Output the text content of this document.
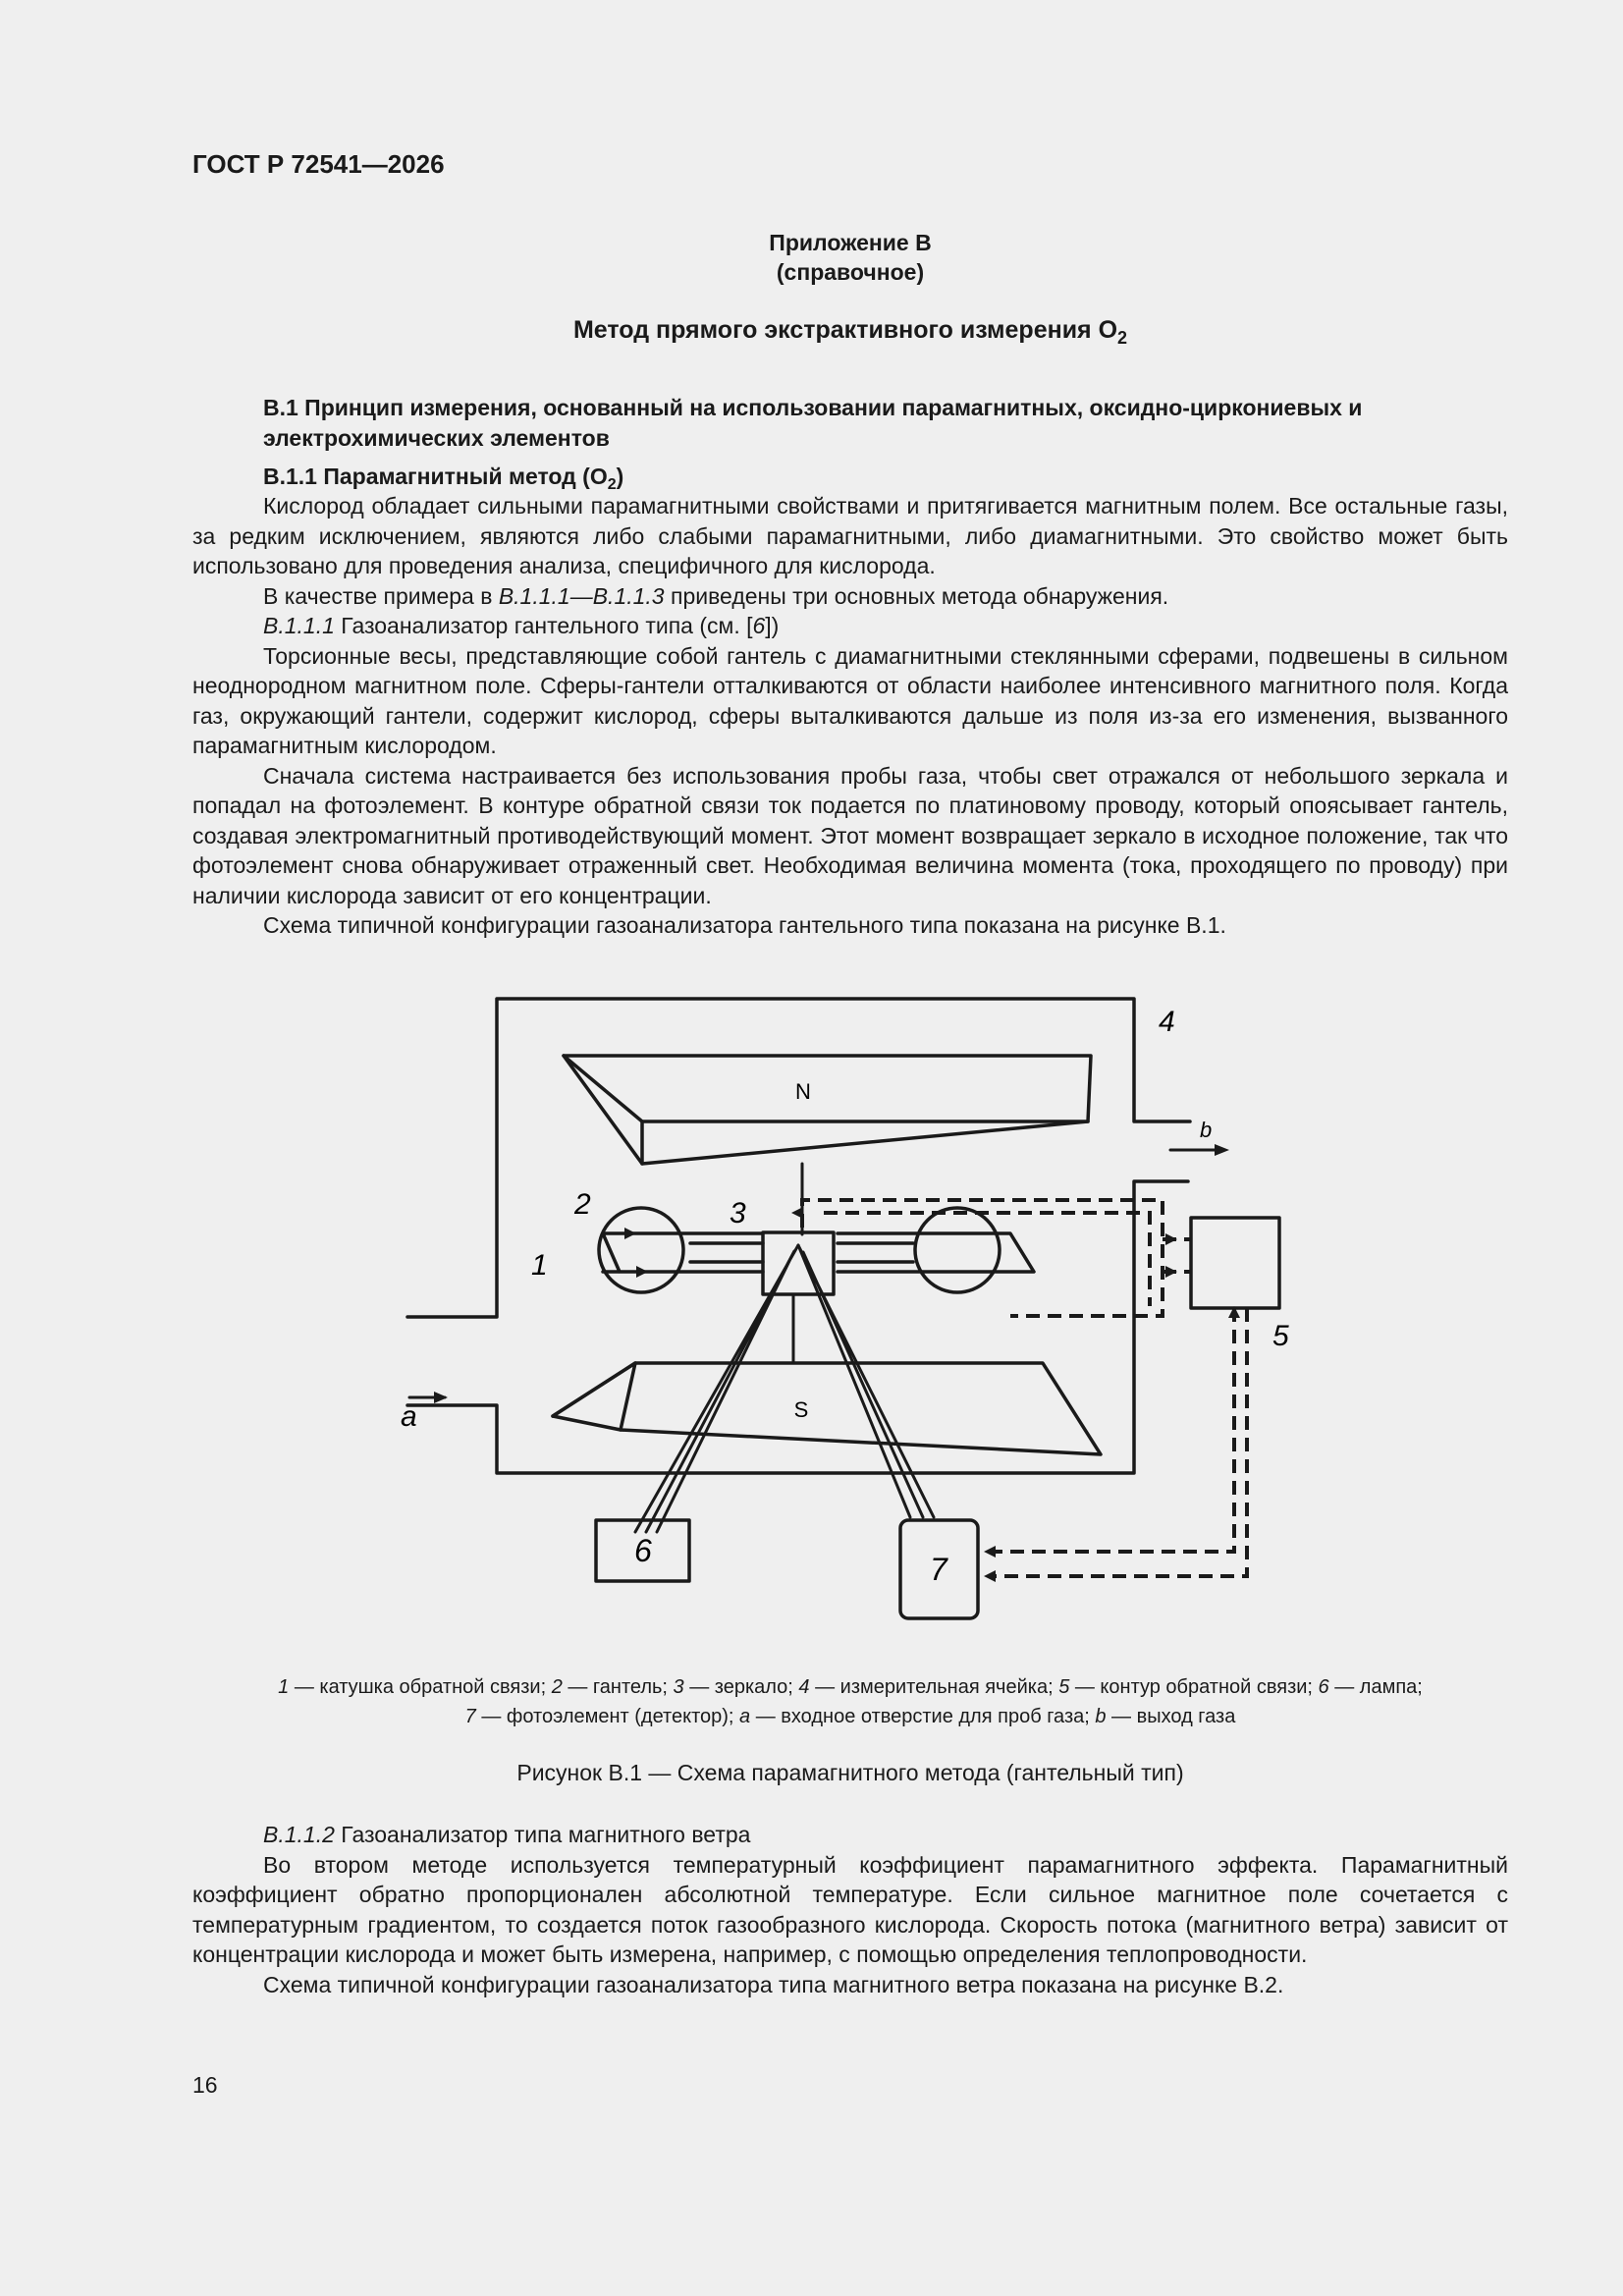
ГОСТ Р 72541—2026
Приложение В
(справочное)
Метод прямого экстрактивного измерения $O_2$
В.1 Принцип измерения, основанный на использовании парамагнитных, оксидно-циркониевых и электрохимических элементов
В.1.1 Парамагнитный метод $(O_2)$

Кислород обладает сильными парамагнитными свойствами и притягивается магнитным полем. Все остальные газы, за редким исключением, являются либо слабыми парамагнитными, либо диамагнитными. Это свойство может быть использовано для проведения анализа, специфичного для кислорода.

В качестве примера в В.1.1.1—В.1.1.3 приведены три основных метода обнаружения.

В.1.1.1 Газоанализатор гантельного типа (см. [6])

Торсионные весы, представляющие собой гантель с диамагнитными стеклянными сферами, подвешены в сильном неоднородном магнитном поле. Сферы-гантели отталкиваются от области наиболее интенсивного магнитного поля. Когда газ, окружающий гантели, содержит кислород, сферы выталкиваются дальше из поля из-за его изменения, вызванного парамагнитным кислородом.

Сначала система настраивается без использования пробы газа, чтобы свет отражался от небольшого зеркала и попадал на фотоэлемент. В контуре обратной связи ток подается по платиновому проводу, который опоясывает гантель, создавая электромагнитный противодействующий момент. Этот момент возвращает зеркало в исходное положение, так что фотоэлемент снова обнаруживает отраженный свет. Необходимая величина момента (тока, проходящего по проводу) при наличии кислорода зависит от его концентрации.

Схема типичной конфигурации газоанализатора гантельного типа показана на рисунке В.1.

N
S
1
2	3
4
5
6
7
a
b
1 — катушка обратной связи; 2 — гантель; 3 — зеркало; 4 — измерительная ячейка; 5 — контур обратной связи; 6 — лампа;
7 — фотоэлемент (детектор); a — входное отверстие для проб газа; b — выход газа
Рисунок В.1 — Схема парамагнитного метода (гантельный тип)

В.1.1.2 Газоанализатор типа магнитного ветра

Во втором методе используется температурный коэффициент парамагнитного эффекта. Парамагнитный коэффициент обратно пропорционален абсолютной температуре. Если сильное магнитное поле сочетается с температурным градиентом, то создается поток газообразного кислорода. Скорость потока (магнитного ветра) зависит от концентрации кислорода и может быть измерена, например, с помощью определения теплопроводности.

Схема типичной конфигурации газоанализатора типа магнитного ветра показана на рисунке В.2.

16
